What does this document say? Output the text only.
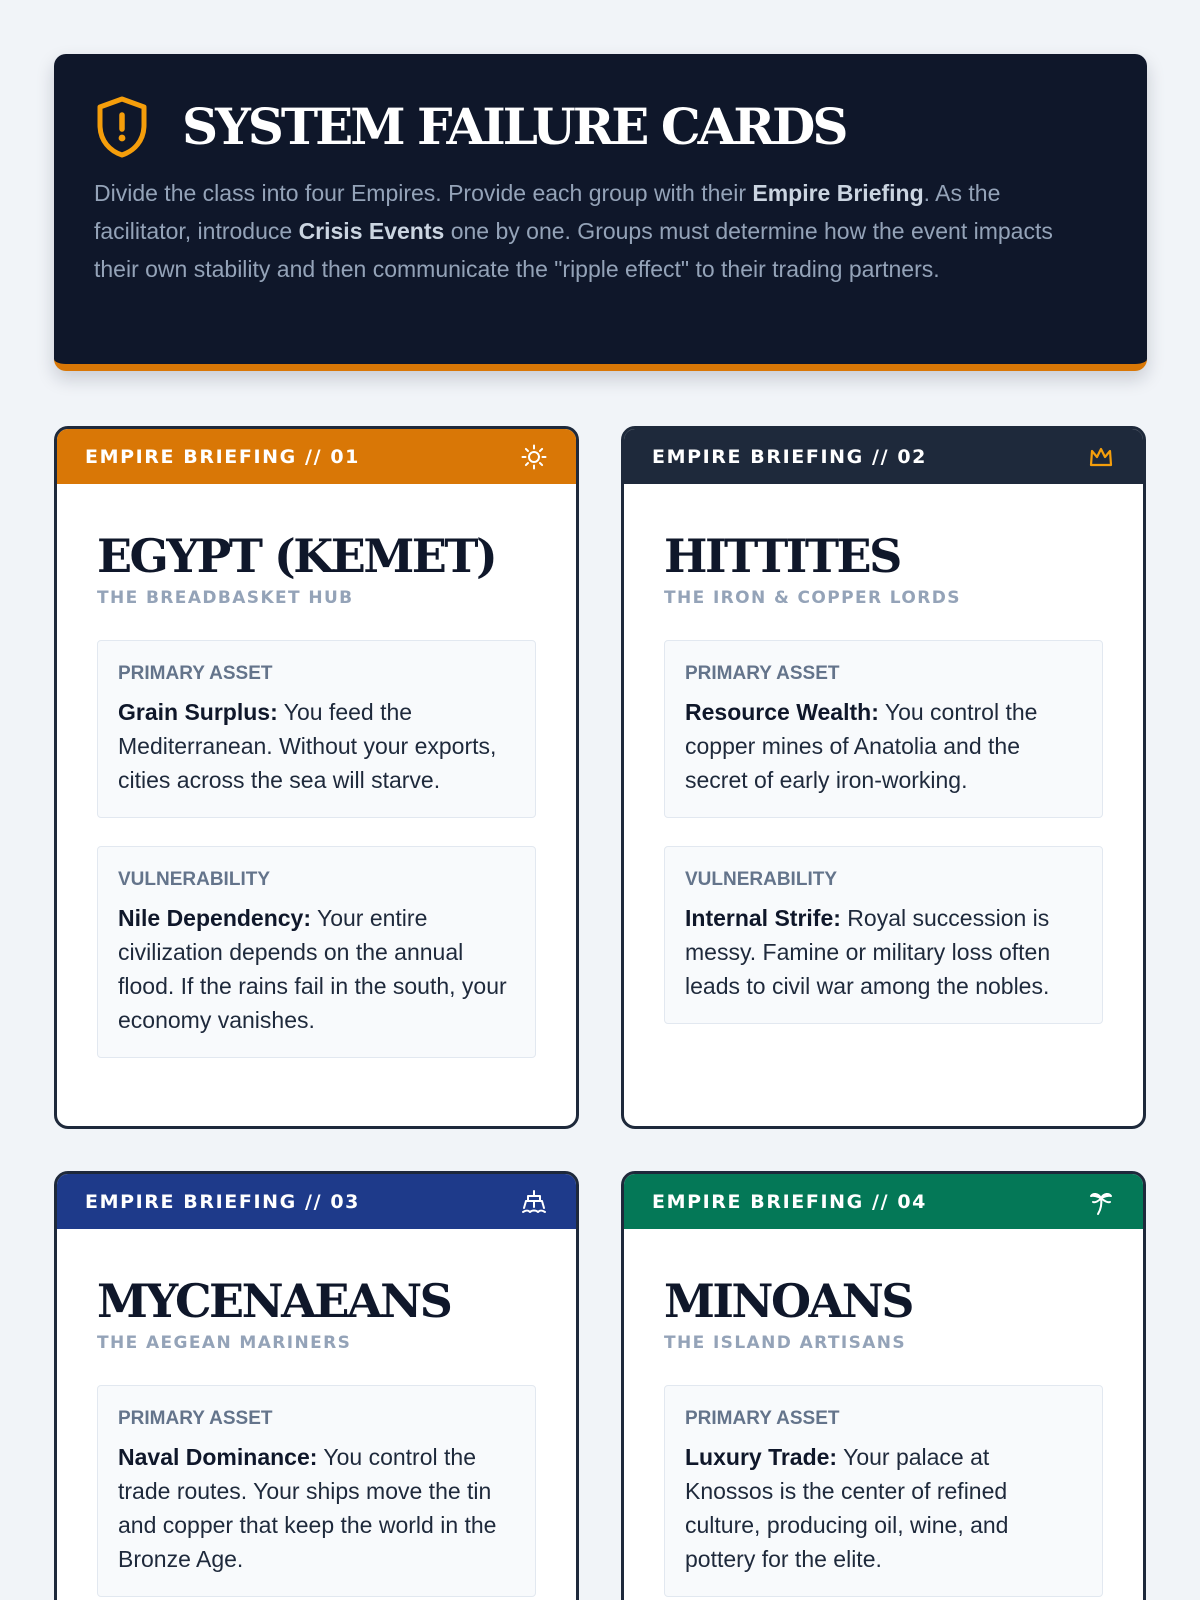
SYSTEM FAILURE CARDS

Divide the class into four Empires. Provide each group with their Empire Briefing. As the facilitator, introduce Crisis Events one by one. Groups must determine how the event impacts their own stability and then communicate the "ripple effect" to their trading partners.

EMPIRE BRIEFING // 01
EGYPT (KEMET)
THE BREADBASKET HUB
PRIMARY ASSET
Grain Surplus: You feed the Mediterranean. Without your exports, cities across the sea will starve.
VULNERABILITY
Nile Dependency: Your entire civilization depends on the annual flood. If the rains fail in the south, your economy vanishes.
EMPIRE BRIEFING // 02
HITTITES
THE IRON & COPPER LORDS
PRIMARY ASSET
Resource Wealth: You control the copper mines of Anatolia and the secret of early iron-working.
VULNERABILITY
Internal Strife: Royal succession is messy. Famine or military loss often leads to civil war among the nobles.
EMPIRE BRIEFING // 03
MYCENAEANS
THE AEGEAN MARINERS
PRIMARY ASSET
Naval Dominance: You control the trade routes. Your ships move the tin and copper that keep the world in the Bronze Age.
EMPIRE BRIEFING // 04
MINOANS
THE ISLAND ARTISANS
PRIMARY ASSET
Luxury Trade: Your palace at Knossos is the center of refined culture, producing oil, wine, and pottery for the elite.
